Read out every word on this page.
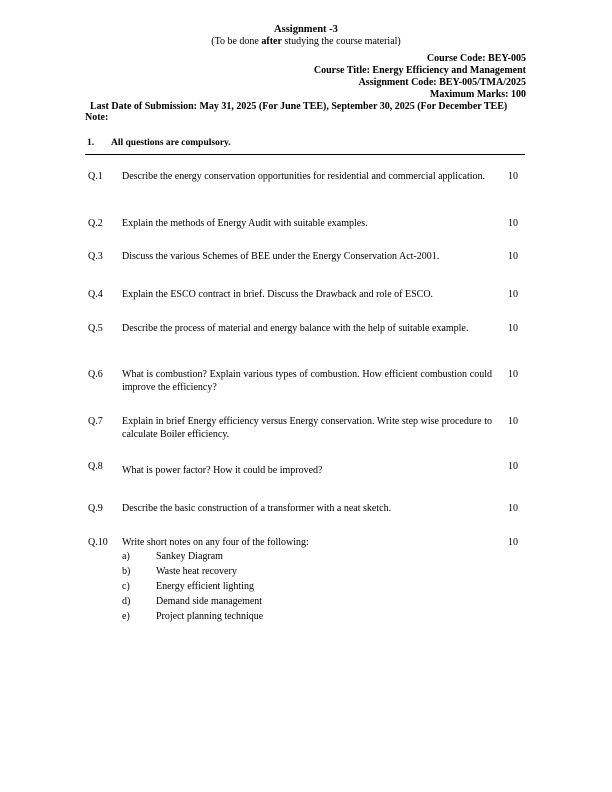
Assignment -3
(To be done after studying the course material)
Course Code: BEY-005
Course Title: Energy Efficiency and Management
Assignment Code: BEY-005/TMA/2025
Maximum Marks: 100
Last Date of Submission: May 31, 2025 (For June TEE), September 30, 2025 (For December TEE)
Note:
1. All questions are compulsory.
Q.1 Describe the energy conservation opportunities for residential and commercial application.	10
Q.2 Explain the methods of Energy Audit with suitable examples.	10
Q.3 Discuss the various Schemes of BEE under the Energy Conservation Act-2001.	10
Q.4 Explain the ESCO contract in brief. Discuss the Drawback and role of ESCO.	10
Q.5 Describe the process of material and energy balance with the help of suitable example.	10
Q.6 What is combustion? Explain various types of combustion. How efficient combustion could improve the efficiency?
10
Q.7 Explain in brief Energy efficiency versus Energy conservation. Write step wise procedure to calculate Boiler efficiency.
10
Q.8 What is power factor? How it could be improved?	10
Q.9 Describe the basic construction of a transformer with a neat sketch.	10
Q.10 Write short notes on any four of the following:	10
a)	Sankey Diagram
b)	Waste heat recovery
c)	Energy efficient lighting
d)	Demand side management
e)	Project planning technique
